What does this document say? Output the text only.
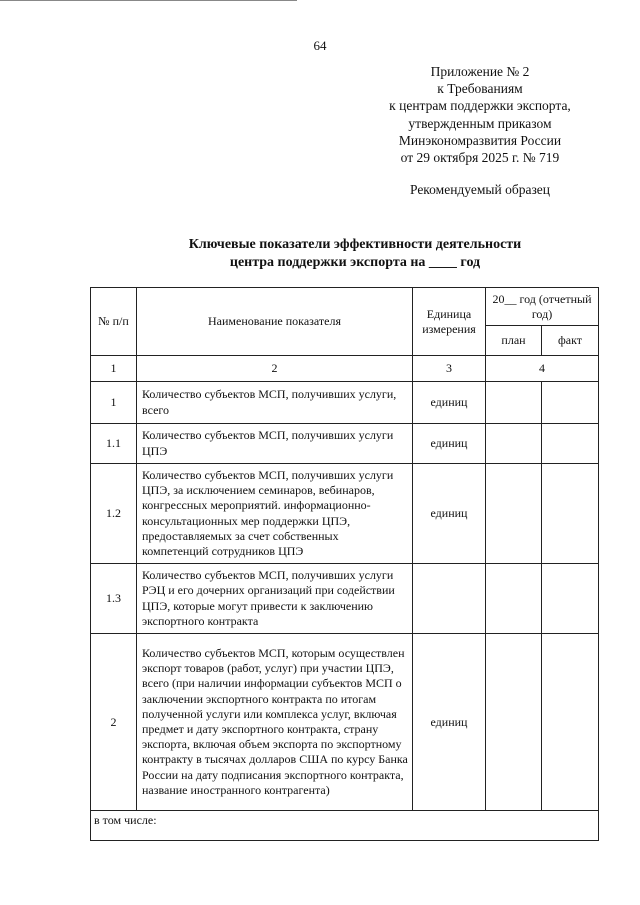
64
Приложение № 2
к Требованиям
к центрам поддержки экспорта,
утвержденным приказом
Минэкономразвития России
от 29 октября 2025 г. № 719
Рекомендуемый образец
Ключевые показатели эффективности деятельности
центра поддержки экспорта на ____ год
№ п/п	Наименование показателя	Единица измерения	20__ год (отчетный год)	
			план	факт
1	2	3	4	
1	Количество субъектов МСП, получивших услуги, всего	единиц		
1.1	Количество субъектов МСП, получивших услуги ЦПЭ	единиц		
1.2	Количество субъектов МСП, получивших услуги ЦПЭ, за исключением семинаров, вебинаров, конгрессных мероприятий. информационно-консультационных мер поддержки ЦПЭ, предоставляемых за счет собственных компетенций сотрудников ЦПЭ	единиц		
1.3	Количество субъектов МСП, получивших услуги РЭЦ и его дочерних организаций при содействии ЦПЭ, которые могут привести к заключению экспортного контракта			
2	Количество субъектов МСП, которым осуществлен экспорт товаров (работ, услуг) при участии ЦПЭ, всего (при наличии информации субъектов МСП о заключении экспортного контракта по итогам полученной услуги или комплекса услуг, включая предмет и дату экспортного контракта, страну экспорта, включая объем экспорта по экспортному контракту в тысячах долларов США по курсу Банка России на дату подписания экспортного контракта, название иностранного контрагента)	единиц		
в том числе:				
